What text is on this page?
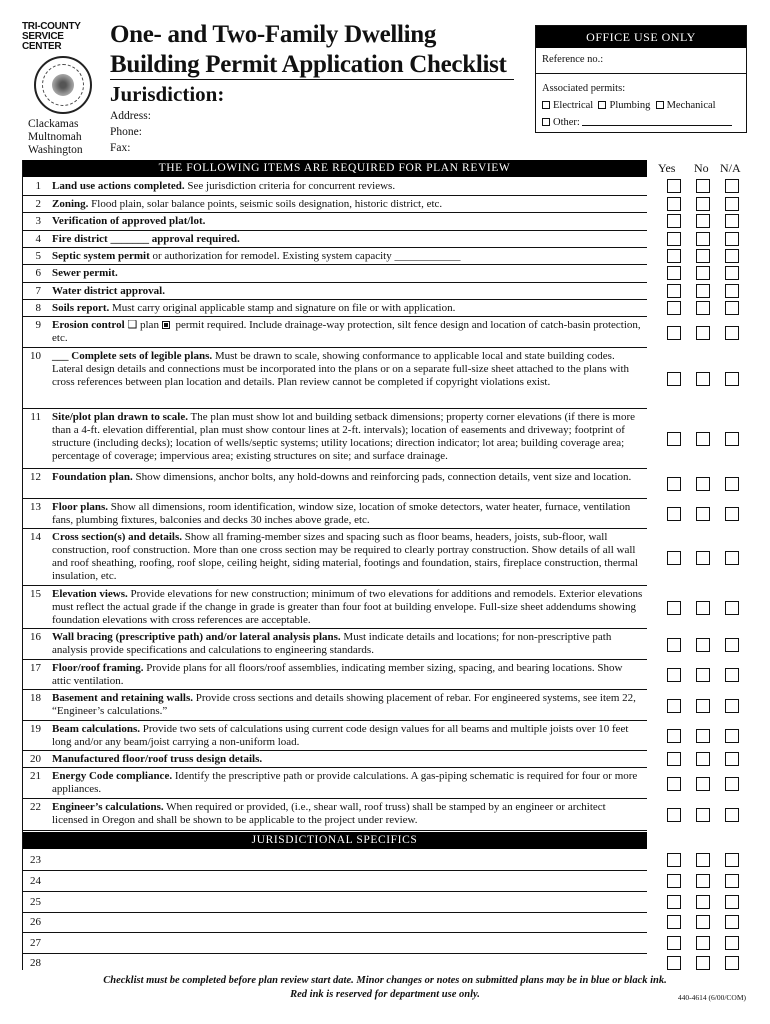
TRI-COUNTY
SERVICE CENTER
Clackamas
Multnomah
Washington
One- and Two-Family Dwelling
Building Permit Application Checklist
Jurisdiction:
Address:
Phone:
Fax:
OFFICE USE ONLY
Reference no.:
Associated permits:
Electrical Plumbing Mechanical
Other:
THE FOLLOWING ITEMS ARE REQUIRED FOR PLAN REVIEW	Yes No N/A
JURISDICTIONAL SPECIFICS
Checklist must be completed before plan review start date. Minor changes or notes on submitted plans may be in blue or black ink.
Red ink is reserved for department use only.	440-4614 (6/00/COM)
1 Land use actions completed. See jurisdiction criteria for concurrent reviews.
2 Zoning. Flood plain, solar balance points, seismic soils designation, historic district, etc.
3 Verification of approved plat/lot.
4 Fire district _______ approval required.
5 Septic system permit or authorization for remodel. Existing system capacity ____________
6 Sewer permit.
7 Water district approval.
8 Soils report. Must carry original applicable stamp and signature on file or with application.
9 Erosion control ❑ plan  permit required. Include drainage-way protection, silt fence design and location of catch-basin protection, etc.
10 ___ Complete sets of legible plans. Must be drawn to scale, showing conformance to applicable local and state building codes. Lateral design details and connections must be incorporated into the plans or on a separate full-size sheet attached to the plans with cross references between plan location and details. Plan review cannot be completed if copyright violations exist.
11 Site/plot plan drawn to scale. The plan must show lot and building setback dimensions; property corner elevations (if there is more than a 4-ft. elevation differential, plan must show contour lines at 2-ft. intervals); location of easements and driveway; footprint of structure (including decks); location of wells/septic systems; utility locations; direction indicator; lot area; building coverage area; percentage of coverage; impervious area; existing structures on site; and surface drainage.
12 Foundation plan. Show dimensions, anchor bolts, any hold-downs and reinforcing pads, connection details, vent size and location.
13 Floor plans. Show all dimensions, room identification, window size, location of smoke detectors, water heater, furnace, ventilation fans, plumbing fixtures, balconies and decks 30 inches above grade, etc.
14 Cross section(s) and details. Show all framing-member sizes and spacing such as floor beams, headers, joists, sub-floor, wall construction, roof construction. More than one cross section may be required to clearly portray construction. Show details of all wall and roof sheathing, roofing, roof slope, ceiling height, siding material, footings and foundation, stairs, fireplace construction, thermal insulation, etc.
15 Elevation views. Provide elevations for new construction; minimum of two elevations for additions and remodels. Exterior elevations must reflect the actual grade if the change in grade is greater than four foot at building envelope. Full-size sheet addendums showing foundation elevations with cross references are acceptable.
16 Wall bracing (prescriptive path) and/or lateral analysis plans. Must indicate details and locations; for non-prescriptive path analysis provide specifications and calculations to engineering standards.
17 Floor/roof framing. Provide plans for all floors/roof assemblies, indicating member sizing, spacing, and bearing locations. Show attic ventilation.
18 Basement and retaining walls. Provide cross sections and details showing placement of rebar. For engineered systems, see item 22, “Engineer’s calculations.”
19 Beam calculations. Provide two sets of calculations using current code design values for all beams and multiple joists over 10 feet long and/or any beam/joist carrying a non-uniform load.
20 Manufactured floor/roof truss design details.
21 Energy Code compliance. Identify the prescriptive path or provide calculations. A gas-piping schematic is required for four or more appliances.
22 Engineer’s calculations. When required or provided, (i.e., shear wall, roof truss) shall be stamped by an engineer or architect licensed in Oregon and shall be shown to be applicable to the project under review.
23
24
25
26
27
28
